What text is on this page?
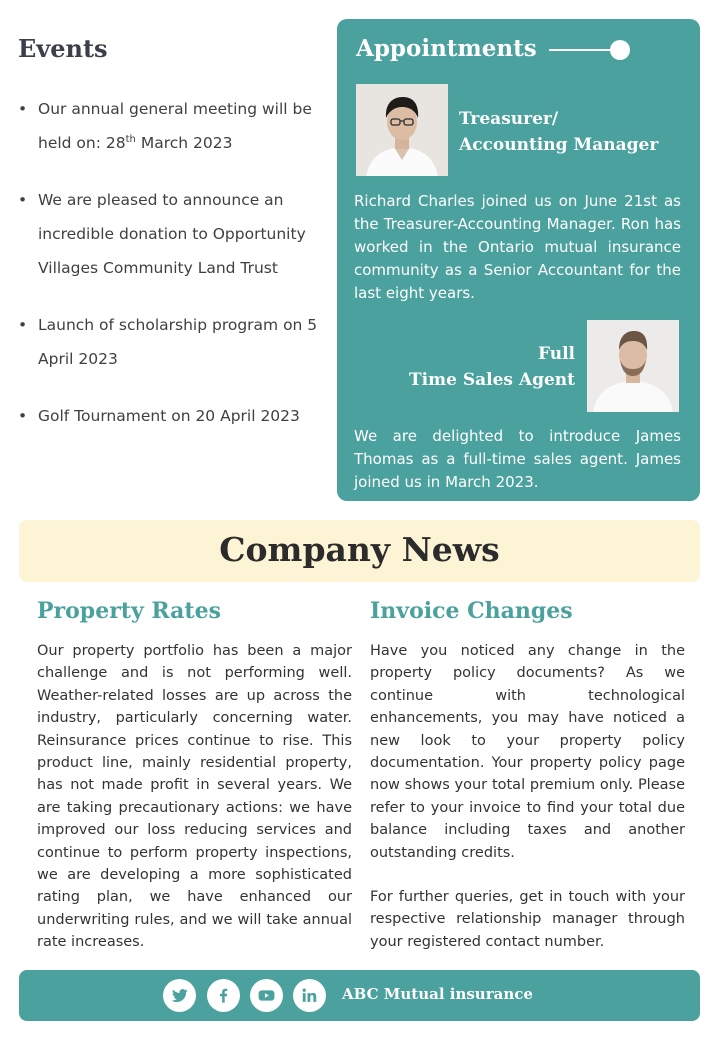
Events
• Our annual general meeting will be held on: 28th March 2023
• We are pleased to announce an incredible donation to Opportunity Villages Community Land Trust
• Launch of scholarship program on 5 April 2023
• Golf Tournament on 20 April 2023
Appointments
Treasurer/
Accounting Manager
Richard Charles joined us on June 21st as the Treasurer-Accounting Manager. Ron has worked in the Ontario mutual insurance community as a Senior Accountant for the last eight years.
Full
Time Sales Agent
We are delighted to introduce James Thomas as a full-time sales agent. James joined us in March 2023.
Company News
Property Rates

Our property portfolio has been a major challenge and is not performing well. Weather-related losses are up across the industry, particularly concerning water. Reinsurance prices continue to rise. This product line, mainly residential property, has not made profit in several years. We are taking precautionary actions: we have improved our loss reducing services and continue to perform property inspections, we are developing a more sophisticated rating plan, we have enhanced our underwriting rules, and we will take annual rate increases.

Invoice Changes

Have you noticed any change in the property policy documents? As we continue with technological enhancements, you may have noticed a new look to your property policy documentation. Your property policy page now shows your total premium only. Please refer to your invoice to find your total due balance including taxes and another outstanding credits.

For further queries, get in touch with your respective relationship manager through your registered contact number.

ABC Mutual insurance
